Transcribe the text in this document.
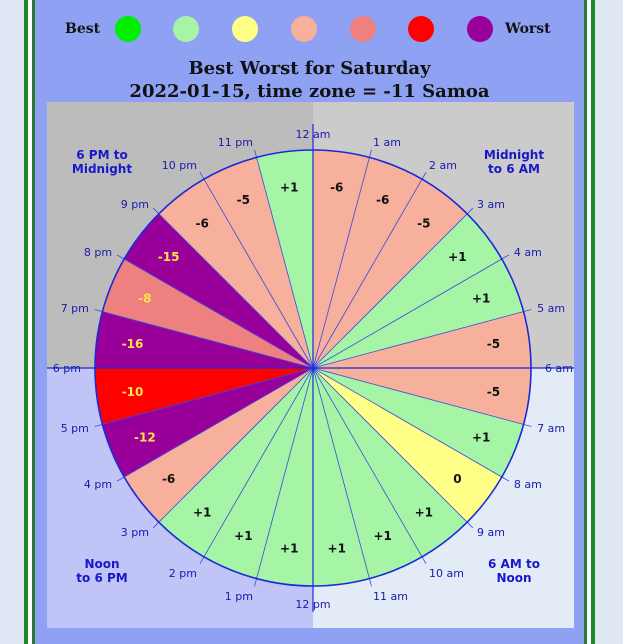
Best	Worst
Best Worst for Saturday
2022-01-15, time zone = -11 Samoa
-6
-6
-5
+1
+1
-5
-5
+1
0
+1
+1
+1
+1
+1
+1
-6
-12
-10
-16
-8
-15
-6
-5
+1
12 am
1 am
2 am
3 am
4 am
5 am
6 am
7 am
8 am
9 am
10 am
11 am
12 pm
1 pm
2 pm
3 pm
4 pm
5 pm
6 pm
7 pm
8 pm
9 pm
10 pm
11 pm
6 PM to
Midnight
Midnight
to 6 AM
Noon
to 6 PM
6 AM to
Noon
